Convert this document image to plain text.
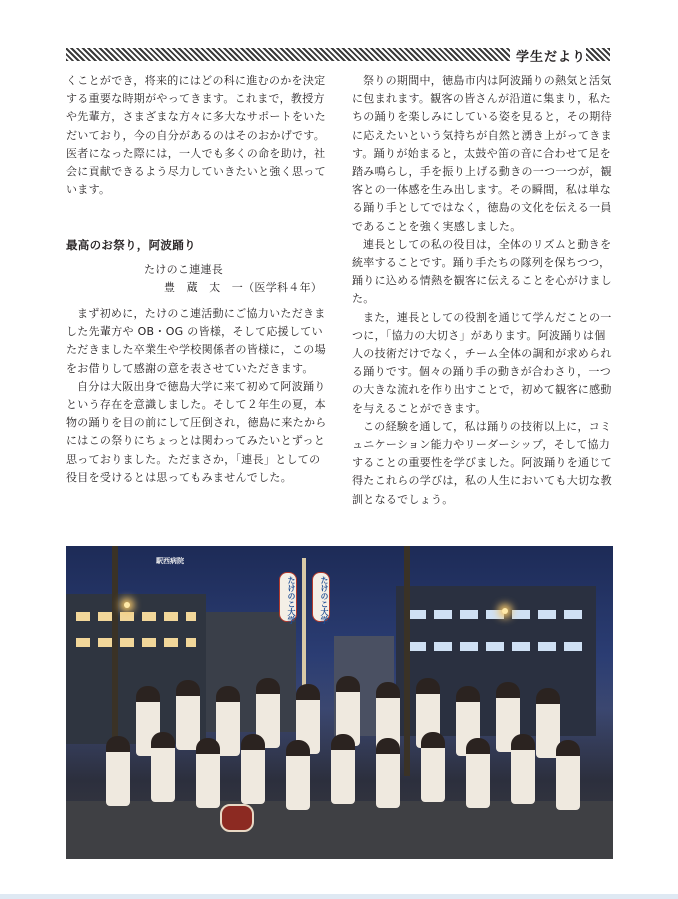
学生だより

くことができ，将来的にはどの科に進むのかを決定する重要な時期がやってきます。これまで，教授方や先輩方，さまざまな方々に多大なサポートをいただいており，今の自分があるのはそのおかげです。医者になった際には，一人でも多くの命を助け，社会に貢献できるよう尽力していきたいと強く思っています。

最高のお祭り，阿波踊り

たけのこ連連長

豊　蔵　太　一（医学科４年）

まず初めに，たけのこ連活動にご協力いただきました先輩方や OB・OG の皆様，そして応援していただきました卒業生や学校関係者の皆様に，この場をお借りして感謝の意を表させていただきます。

自分は大阪出身で徳島大学に来て初めて阿波踊りという存在を意識しました。そして２年生の夏，本物の踊りを目の前にして圧倒され，徳島に来たからにはこの祭りにちょっとは関わってみたいとずっと思っておりました。ただまさか，「連長」としての役目を受けるとは思ってもみませんでした。

祭りの期間中，徳島市内は阿波踊りの熱気と活気に包まれます。観客の皆さんが沿道に集まり，私たちの踊りを楽しみにしている姿を見ると，その期待に応えたいという気持ちが自然と湧き上がってきます。踊りが始まると，太鼓や笛の音に合わせて足を踏み鳴らし，手を振り上げる動きの一つ一つが，観客との一体感を生み出します。その瞬間，私は単なる踊り手としてではなく，徳島の文化を伝える一員であることを強く実感しました。

連長としての私の役目は，全体のリズムと動きを統率することです。踊り手たちの隊列を保ちつつ，踊りに込める情熱を観客に伝えることを心がけました。

また，連長としての役割を通じて学んだことの一つに，「協力の大切さ」があります。阿波踊りは個人の技術だけでなく，チーム全体の調和が求められる踊りです。個々の踊り手の動きが合わさり，一つの大きな流れを作り出すことで，初めて観客に感動を与えることができます。

この経験を通して，私は踊りの技術以上に，コミュニケーション能力やリーダーシップ，そして協力することの重要性を学びました。阿波踊りを通じて得たこれらの学びは，私の人生においても大切な教訓となるでしょう。

駅西病院
たけのこ大学	たけのこ大学
